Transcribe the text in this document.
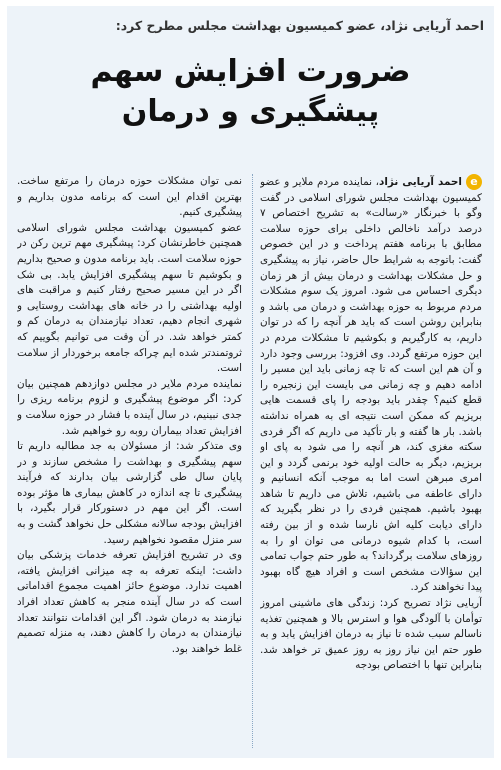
احمد آریایی نژاد، عضو کمیسیون بهداشت مجلس مطرح کرد:
ضرورت افزایش سهم
پیشگیری و درمان

eاحمد آریایی نژاد، نماینده مردم ملایر و عضو کمیسیون بهداشت مجلس شورای اسلامی در گفت وگو با خبرنگار «رسالت» به تشریح اختصاص ۷ درصد درآمد ناخالص داخلی برای حوزه سلامت مطابق با برنامه هفتم پرداخت و در این خصوص گفت: باتوجه به شرایط حال حاضر، نیاز به پیشگیری و حل مشکلات بهداشت و درمان بیش از هر زمان دیگری احساس می شود. امروز یک سوم مشکلات مردم مربوط به حوزه بهداشت و درمان می باشد و بنابراین روشن است که باید هر آنچه را که در توان داریم، به کارگیریم و بکوشیم تا مشکلات مردم در این حوزه مرتفع گردد. وی افزود: بررسی وجود دارد و آن هم این است که تا چه زمانی باید این مسیر را ادامه دهیم و چه زمانی می بایست این زنجیره را قطع کنیم؟ چقدر باید بودجه را پای قسمت هایی بریزیم که ممکن است نتیجه ای به همراه نداشته باشد. بار ها گفته و بار تأکید می داریم که اگر فردی سکته مغزی کند، هر آنچه را می شود به پای او بریزیم، دیگر به حالت اولیه خود برنمی گردد و این امری مبرهن است اما به موجب آنکه انسانیم و دارای عاطفه می باشیم، تلاش می داریم تا شاهد بهبود باشیم. همچنین فردی را در نظر بگیرید که دارای دیابت کلیه اش نارسا شده و از بین رفته است، با کدام شیوه درمانی می توان او را به روزهای سلامت برگرداند؟ به طور حتم جواب تمامی این سؤالات مشخص است و افراد هیچ گاه بهبود پیدا نخواهند کرد.

آریایی نژاد تصریح کرد: زندگی های ماشینی امروز توأمان با آلودگی هوا و استرس بالا و همچنین تغذیه ناسالم سبب شده تا نیاز به درمان افزایش یابد و به طور حتم این نیاز روز به روز عمیق تر خواهد شد. بنابراین تنها با اختصاص بودجه

نمی توان مشکلات حوزه درمان را مرتفع ساخت. بهترین اقدام این است که برنامه مدون بداریم و پیشگیری کنیم.

عضو کمیسیون بهداشت مجلس شورای اسلامی همچنین خاطرنشان کرد: پیشگیری مهم ترین رکن در حوزه سلامت است. باید برنامه مدون و صحیح بداریم و بکوشیم تا سهم پیشگیری افزایش یابد. بی شک اگر در این مسیر صحیح رفتار کنیم و مراقبت های اولیه بهداشتی را در خانه های بهداشت روستایی و شهری انجام دهیم، تعداد نیازمندان به درمان کم و کمتر خواهد شد. در آن وقت می توانیم بگوییم که ثروتمندتر شده ایم چراکه جامعه برخوردار از سلامت است.

نماینده مردم ملایر در مجلس دوازدهم همچنین بیان کرد: اگر موضوع پیشگیری و لزوم برنامه ریزی را جدی نبینیم، در سال آینده با فشار در حوزه سلامت و افزایش تعداد بیماران روبه رو خواهیم شد.

وی متذکر شد: از مسئولان به جد مطالبه داریم تا سهم پیشگیری و بهداشت را مشخص سازند و در پایان سال طی گزارشی بیان بدارند که فرآیند پیشگیری تا چه اندازه در کاهش بیماری ها مؤثر بوده است. اگر این مهم در دستورکار قرار بگیرد، با افزایش بودجه سالانه مشکلی حل نخواهد گشت و به سر منزل مقصود نخواهیم رسید.

وی در تشریح افزایش تعرفه خدمات پزشکی بیان داشت: اینکه تعرفه به چه میزانی افزایش یافته، اهمیت ندارد. موضوع حائز اهمیت مجموع اقداماتی است که در سال آینده منجر به کاهش تعداد افراد نیازمند به درمان شود. اگر این اقدامات نتوانند تعداد نیازمندان به درمان را کاهش دهند، به منزله تصمیم غلط خواهند بود.
